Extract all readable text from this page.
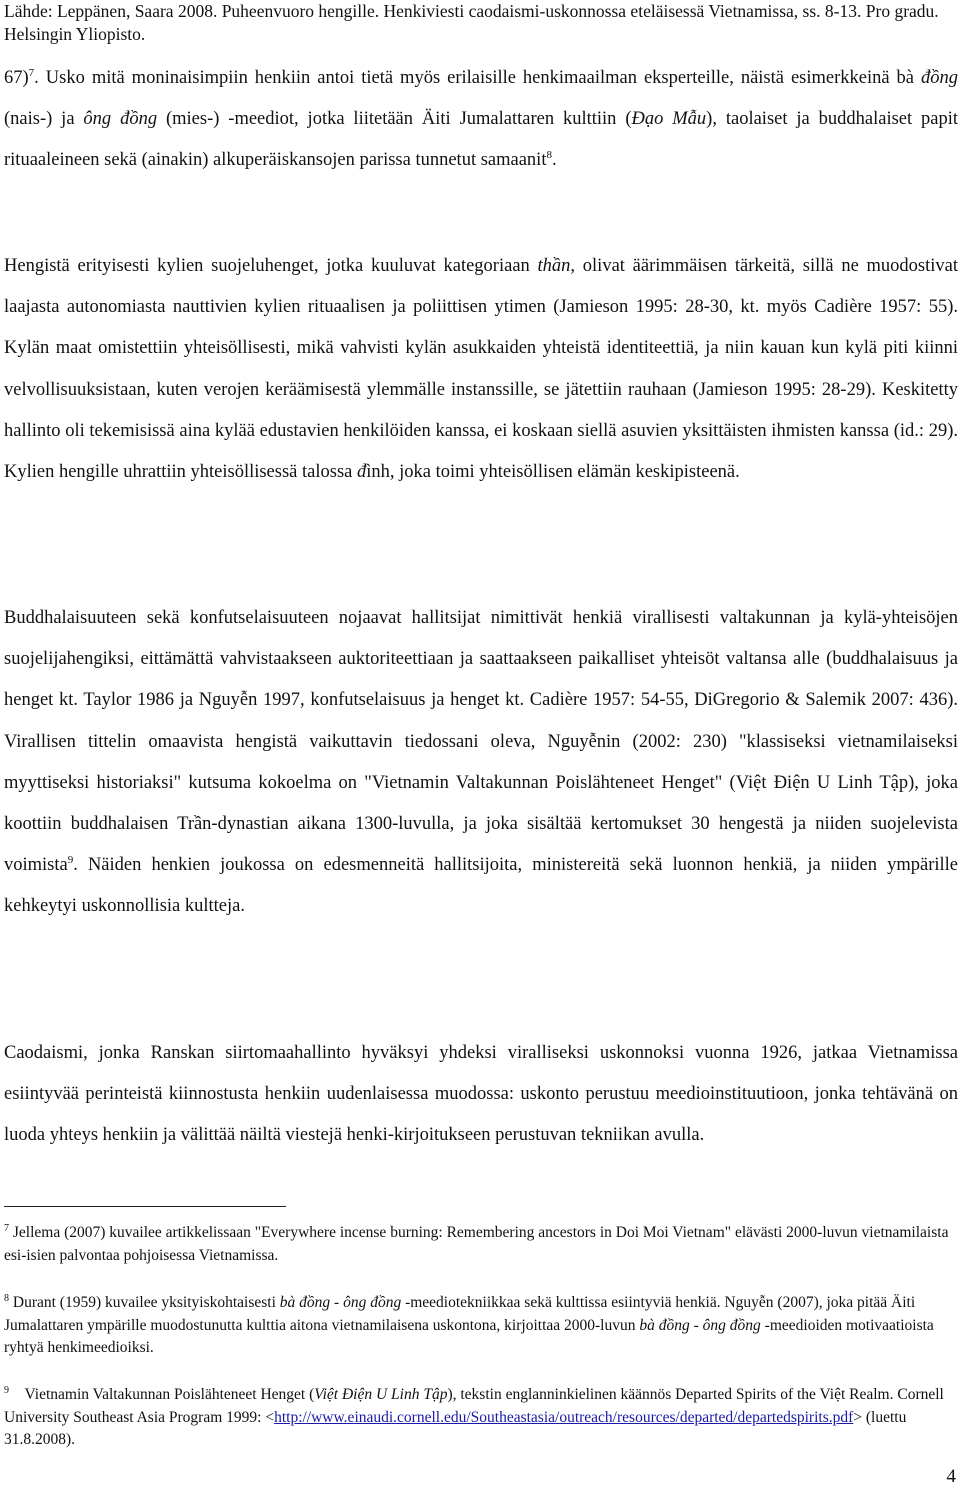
Lähde: Leppänen, Saara 2008. Puheenvuoro hengille. Henkiviesti caodaismi-uskonnossa eteläisessä Vietnamissa, ss. 8-13. Pro gradu. Helsingin Yliopisto.

67)$^7$. Usko mitä moninaisimpiin henkiin antoi tietä myös erilaisille henkimaailman eksperteille, näistä esimerkkeinä bà đồng (nais-) ja ông đồng (mies-) -meediot, jotka liitetään Äiti Jumalattaren kulttiin (Đạo Mẫu), taolaiset ja buddhalaiset papit rituaaleineen sekä (ainakin) alkuperäiskansojen parissa tunnetut samaanit$^8$.

Hengistä erityisesti kylien suojeluhenget, jotka kuuluvat kategoriaan thần, olivat äärimmäisen tärkeitä, sillä ne muodostivat laajasta autonomiasta nauttivien kylien rituaalisen ja poliittisen ytimen (Jamieson 1995: 28-30, kt. myös Cadière 1957: 55). Kylän maat omistettiin yhteisöllisesti, mikä vahvisti kylän asukkaiden yhteistä identiteettiä, ja niin kauan kun kylä piti kiinni velvollisuuksistaan, kuten verojen keräämisestä ylemmälle instanssille, se jätettiin rauhaan (Jamieson 1995: 28-29). Keskitetty hallinto oli tekemisissä aina kylää edustavien henkilöiden kanssa, ei koskaan siellä asuvien yksittäisten ihmisten kanssa (id.: 29). Kylien hengille uhrattiin yhteisöllisessä talossa đình, joka toimi yhteisöllisen elämän keskipisteenä.

Buddhalaisuuteen sekä konfutselaisuuteen nojaavat hallitsijat nimittivät henkiä virallisesti valtakunnan ja kylä-yhteisöjen suojelijahengiksi, eittämättä vahvistaakseen auktoriteettiaan ja saattaakseen paikalliset yhteisöt valtansa alle (buddhalaisuus ja henget kt. Taylor 1986 ja Nguyễn 1997, konfutselaisuus ja henget kt. Cadière 1957: 54-55, DiGregorio & Salemik 2007: 436). Virallisen tittelin omaavista hengistä vaikuttavin tiedossani oleva, Nguyễnin (2002: 230) "klassiseksi vietnamilaiseksi myyttiseksi historiaksi" kutsuma kokoelma on "Vietnamin Valtakunnan Poislähteneet Henget" (Việt Điện U Linh Tập), joka koottiin buddhalaisen Trần-dynastian aikana 1300-luvulla, ja joka sisältää kertomukset 30 hengestä ja niiden suojelevista voimista$^9$. Näiden henkien joukossa on edesmenneitä hallitsijoita, ministereitä sekä luonnon henkiä, ja niiden ympärille kehkeytyi uskonnollisia kultteja.

Caodaismi, jonka Ranskan siirtomaahallinto hyväksyi yhdeksi viralliseksi uskonnoksi vuonna 1926, jatkaa Vietnamissa esiintyvää perinteistä kiinnostusta henkiin uudenlaisessa muodossa: uskonto perustuu meedioinstituutioon, jonka tehtävänä on luoda yhteys henkiin ja välittää näiltä viestejä henki-kirjoitukseen perustuvan tekniikan avulla.

$^7$ Jellema (2007) kuvailee artikkelissaan "Everywhere incense burning: Remembering ancestors in Doi Moi Vietnam" elävästi 2000-luvun vietnamilaista esi-isien palvontaa pohjoisessa Vietnamissa.

$^8$ Durant (1959) kuvailee yksityiskohtaisesti bà đồng - ông đồng -meediotekniikkaa sekä kulttissa esiintyviä henkiä. Nguyễn (2007), joka pitää Äiti Jumalattaren ympärille muodostunutta kulttia aitona vietnamilaisena uskontona, kirjoittaa 2000-luvun bà đồng - ông đồng -meedioiden motivaatioista ryhtyä henkimeedioiksi.

$^9$ Vietnamin Valtakunnan Poislähteneet Henget (Việt Điện U Linh Tập), tekstin englanninkielinen käännös Departed Spirits of the Việt Realm. Cornell University Southeast Asia Program 1999: <http://www.einaudi.cornell.edu/Southeastasia/outreach/resources/departed/departedspirits.pdf> (luettu 31.8.2008).

4
